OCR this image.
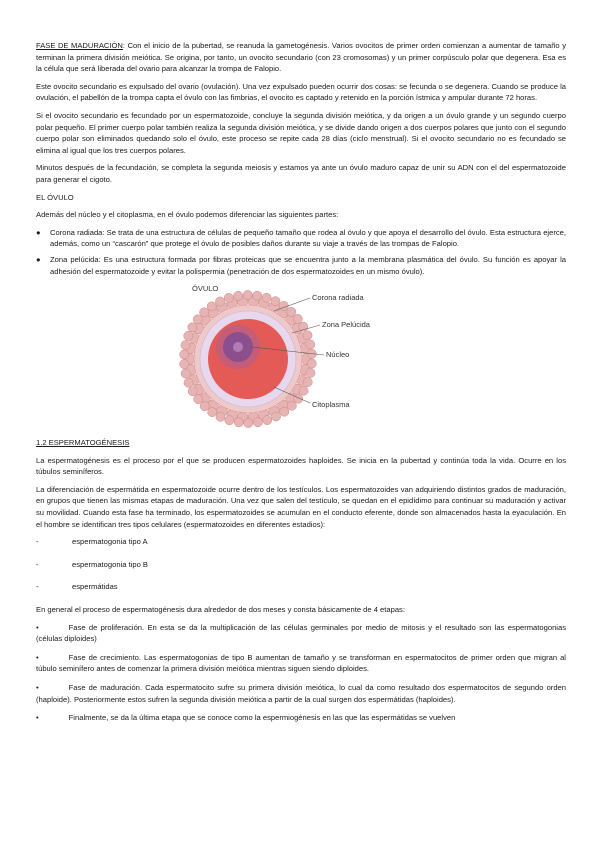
FASE DE MADURACIÓN: Con el inicio de la pubertad, se reanuda la gametogénesis. Varios ovocitos de primer orden comienzan a aumentar de tamaño y terminan la primera división meiótica. Se origina, por tanto, un ovocito secundario (con 23 cromosomas) y un primer corpúsculo polar que degenera. Esa es la célula que será liberada del ovario para alcanzar la trompa de Falopio.

Este ovocito secundario es expulsado del ovario (ovulación). Una vez expulsado pueden ocurrir dos cosas: se fecunda o se degenera. Cuando se produce la ovulación, el pabellón de la trompa capta el óvulo con las fimbrias, el ovocito es captado y retenido en la porción ístmica y ampular durante 72 horas.

Si el ovocito secundario es fecundado por un espermatozoide, concluye la segunda división meiótica, y da origen a un óvulo grande y un segundo cuerpo polar pequeño. El primer cuerpo polar también realiza la segunda división meiótica, y se divide dando origen a dos cuerpos polares que junto con el segundo cuerpo polar son eliminados quedando solo el óvulo, este proceso se repite cada 28 días (ciclo menstrual). Si el ovocito secundario no es fecundado se elimina al igual que los tres cuerpos polares.

Minutos después de la fecundación, se completa la segunda meiosis y estamos ya ante un óvulo maduro capaz de unir su ADN con el del espermatozoide para generar el cigoto.

EL ÓVULO

Además del núcleo y el citoplasma, en el óvulo podemos diferenciar las siguientes partes:

● Corona radiada: Se trata de una estructura de células de pequeño tamaño que rodea al óvulo y que apoya el desarrollo del óvulo. Esta estructura ejerce, además, como un “cascarón” que protege el óvulo de posibles daños durante su viaje a través de las trompas de Falopio.
● Zona pelúcida: Es una estructura formada por fibras proteicas que se encuentra junto a la membrana plasmática del óvulo. Su función es apoyar la adhesión del espermatozoide y evitar la polispermia (penetración de dos espermatozoides en un mismo óvulo).
ÓVULO
Corona radiada
Zona Pelúcida
Núcleo
Citoplasma
1.2 ESPERMATOGÉNESIS

La espermatogénesis es el proceso por el que se producen espermatozoides haploides. Se inicia en la pubertad y continúa toda la vida. Ocurre en los túbulos seminíferos.

La diferenciación de espermátida en espermatozoide ocurre dentro de los testículos. Los espermatozoides van adquiriendo distintos grados de maduración, en grupos que tienen las mismas etapas de maduración. Una vez que salen del testículo, se quedan en el epidídimo para continuar su maduración y activar su movilidad. Cuando esta fase ha terminado, los espermatozoides se acumulan en el conducto eferente, donde son almacenados hasta la eyaculación. En el hombre se identifican tres tipos celulares (espermatozoides en diferentes estadios):

-	espermatogonia tipo A
-	espermatogonia tipo B
-	espermátidas

En general el proceso de espermatogénesis dura alrededor de dos meses y consta básicamente de 4 etapas:

•	Fase de proliferación. En esta se da la multiplicación de las células germinales por medio de mitosis y el resultado son las espermatogonias (células diploides)
•	Fase de crecimiento. Las espermatogonias de tipo B aumentan de tamaño y se transforman en espermatocitos de primer orden que migran al túbulo seminífero antes de comenzar la primera división meiótica mientras siguen siendo diploides.
•	Fase de maduración. Cada espermatocito sufre su primera división meiótica, lo cual da como resultado dos espermatocitos de segundo orden (haploide). Posteriormente estos sufren la segunda división meiótica a partir de la cual surgen dos espermátidas (haploides).
•	Finalmente, se da la última etapa que se conoce como la espermiogénesis en las que las espermátidas se vuelven
